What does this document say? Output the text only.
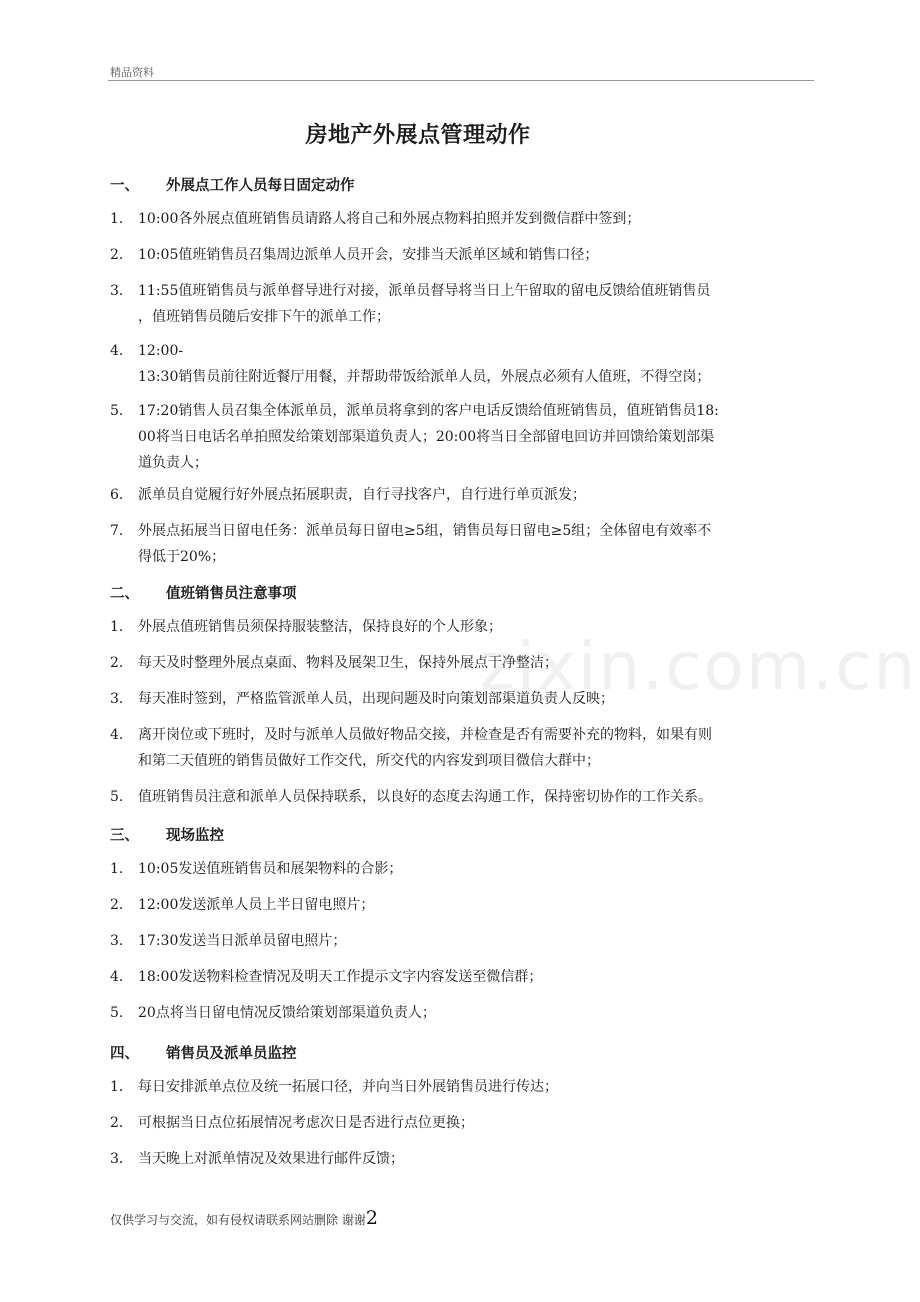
精品资料
房地产外展点管理动作
一、 外展点工作人员每日固定动作
1.	10:00各外展点值班销售员请路人将自己和外展点物料拍照并发到微信群中签到；
2.	10:05值班销售员召集周边派单人员开会，安排当天派单区域和销售口径；
3.	11:55值班销售员与派单督导进行对接，派单员督导将当日上午留取的留电反馈给值班销售员
，值班销售员随后安排下午的派单工作；
4.	12:00-
13:30销售员前往附近餐厅用餐，并帮助带饭给派单人员，外展点必须有人值班，不得空岗；
5.	17:20销售人员召集全体派单员，派单员将拿到的客户电话反馈给值班销售员，值班销售员18:
00将当日电话名单拍照发给策划部渠道负责人；20:00将当日全部留电回访并回馈给策划部渠
道负责人；
6.	派单员自觉履行好外展点拓展职责，自行寻找客户，自行进行单页派发；
7.	外展点拓展当日留电任务：派单员每日留电≥5组，销售员每日留电≥5组；全体留电有效率不
得低于20%；
二、 值班销售员注意事项
1.	外展点值班销售员须保持服装整洁，保持良好的个人形象；
2.	每天及时整理外展点桌面、物料及展架卫生，保持外展点干净整洁；
3.	每天准时签到，严格监管派单人员，出现问题及时向策划部渠道负责人反映；
4.	离开岗位或下班时，及时与派单人员做好物品交接，并检查是否有需要补充的物料，如果有则
和第二天值班的销售员做好工作交代，所交代的内容发到项目微信大群中；
5.	值班销售员注意和派单人员保持联系，以良好的态度去沟通工作，保持密切协作的工作关系。
三、 现场监控
1.	10:05发送值班销售员和展架物料的合影；
2.	12:00发送派单人员上半日留电照片；
3.	17:30发送当日派单员留电照片；
4.	18:00发送物料检查情况及明天工作提示文字内容发送至微信群；
5.	20点将当日留电情况反馈给策划部渠道负责人；
四、 销售员及派单员监控
1． 每日安排派单点位及统一拓展口径，并向当日外展销售员进行传达；
2． 可根据当日点位拓展情况考虑次日是否进行点位更换；
3． 当天晚上对派单情况及效果进行邮件反馈；
zixin.com.cn
仅供学习与交流，如有侵权请联系网站删除 谢谢2
